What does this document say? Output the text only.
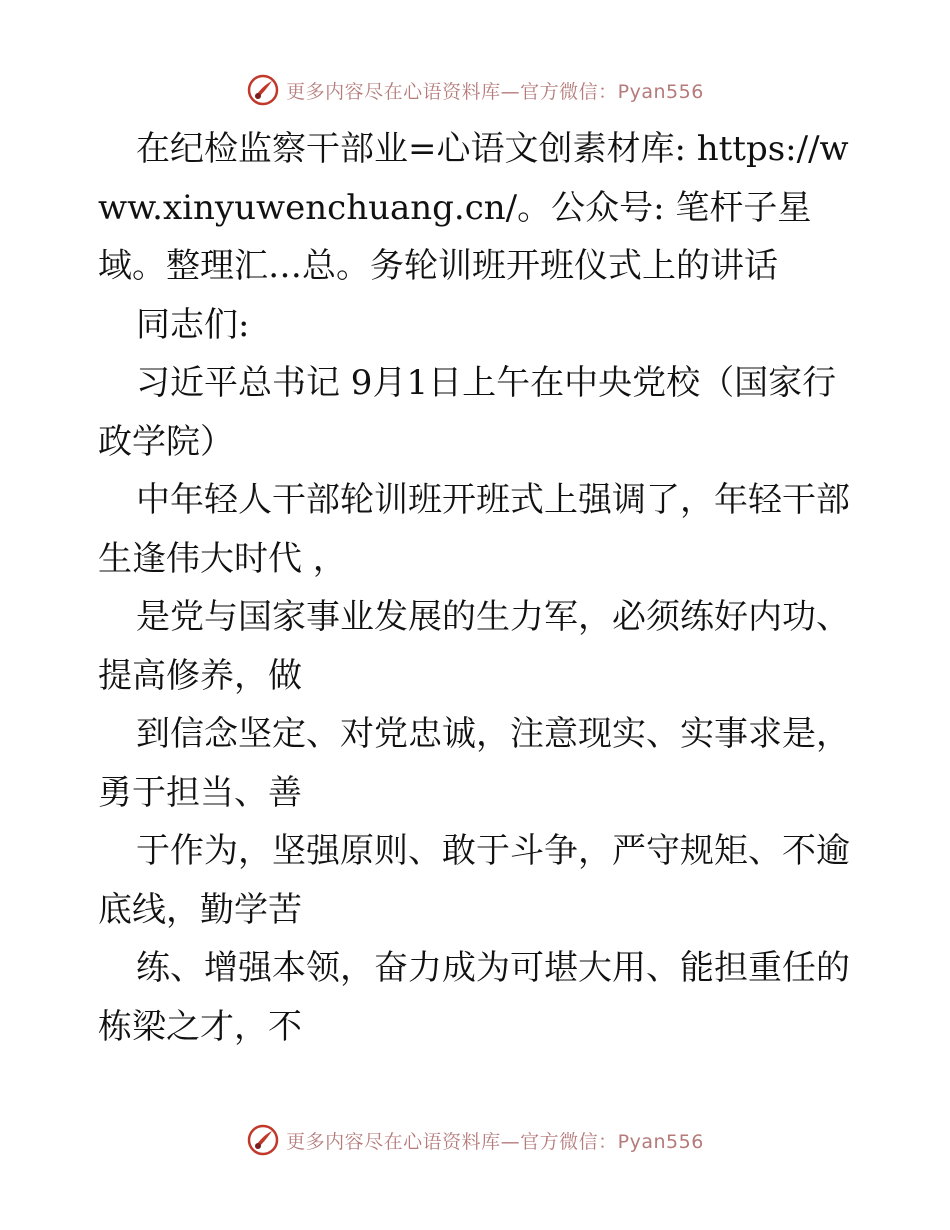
更多内容尽在心语资料库—官方微信：Pyan556

在纪检监察干部业=心语文创素材库: https://www.xinyuwenchuang.cn/。公众号: 笔杆子星域。整理汇…总。务轮训班开班仪式上的讲话

同志们:

习近平总书记 9月1日上午在中央党校（国家行政学院）

中年轻人干部轮训班开班式上强调了，年轻干部生逢伟大时代 ，

是党与国家事业发展的生力军，必须练好内功、提高修养，做

到信念坚定、对党忠诚，注意现实、实事求是，勇于担当、善

于作为，坚强原则、敢于斗争，严守规矩、不逾底线，勤学苦

练、增强本领，奋力成为可堪大用、能担重任的栋梁之才，不

更多内容尽在心语资料库—官方微信：Pyan556
